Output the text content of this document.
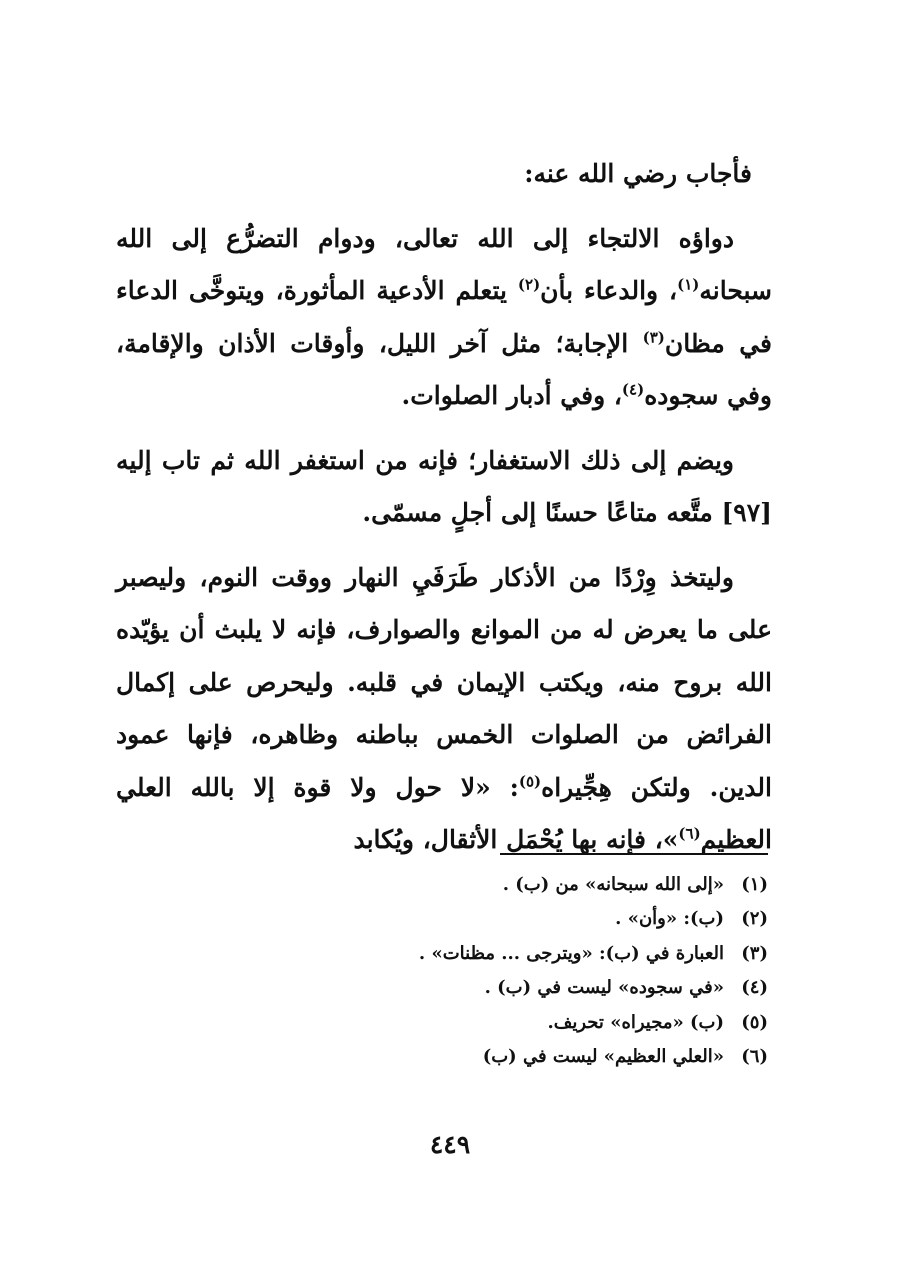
فأجاب رضي الله عنه:

دواؤه الالتجاء إلى الله تعالى، ودوام التضرُّع إلى الله سبحانه$^{(١)}$، والدعاء بأن$^{(٢)}$ يتعلم الأدعية المأثورة، ويتوخَّى الدعاء في مظان$^{(٣)}$ الإجابة؛ مثل آخر الليل، وأوقات الأذان والإقامة، وفي سجوده$^{(٤)}$، وفي أدبار الصلوات.

ويضم إلى ذلك الاستغفار؛ فإنه من استغفر الله ثم تاب إليه [٩٧] متَّعه متاعًا حسنًا إلى أجلٍ مسمّى.

وليتخذ وِرْدًا من الأذكار طَرَفَيِ النهار ووقت النوم، وليصبر على ما يعرض له من الموانع والصوارف، فإنه لا يلبث أن يؤيّده الله بروح منه، ويكتب الإيمان في قلبه. وليحرص على إكمال الفرائض من الصلوات الخمس بباطنه وظاهره، فإنها عمود الدين. ولتكن هِجِّيراه$^{(٥)}$: «لا حول ولا قوة إلا بالله العلي العظيم$^{(٦)}$»، فإنه بها يُحْمَل الأثقال، ويُكابد

(١)«إلى الله سبحانه» من (ب) .
(٢)(ب): «وأن» .
(٣)العبارة في (ب): «ويترجى ... مظنات» .
(٤)«في سجوده» ليست في (ب) .
(٥)(ب) «مجيراه» تحريف.
(٦)«العلي العظيم» ليست في (ب)
٤٤٩
